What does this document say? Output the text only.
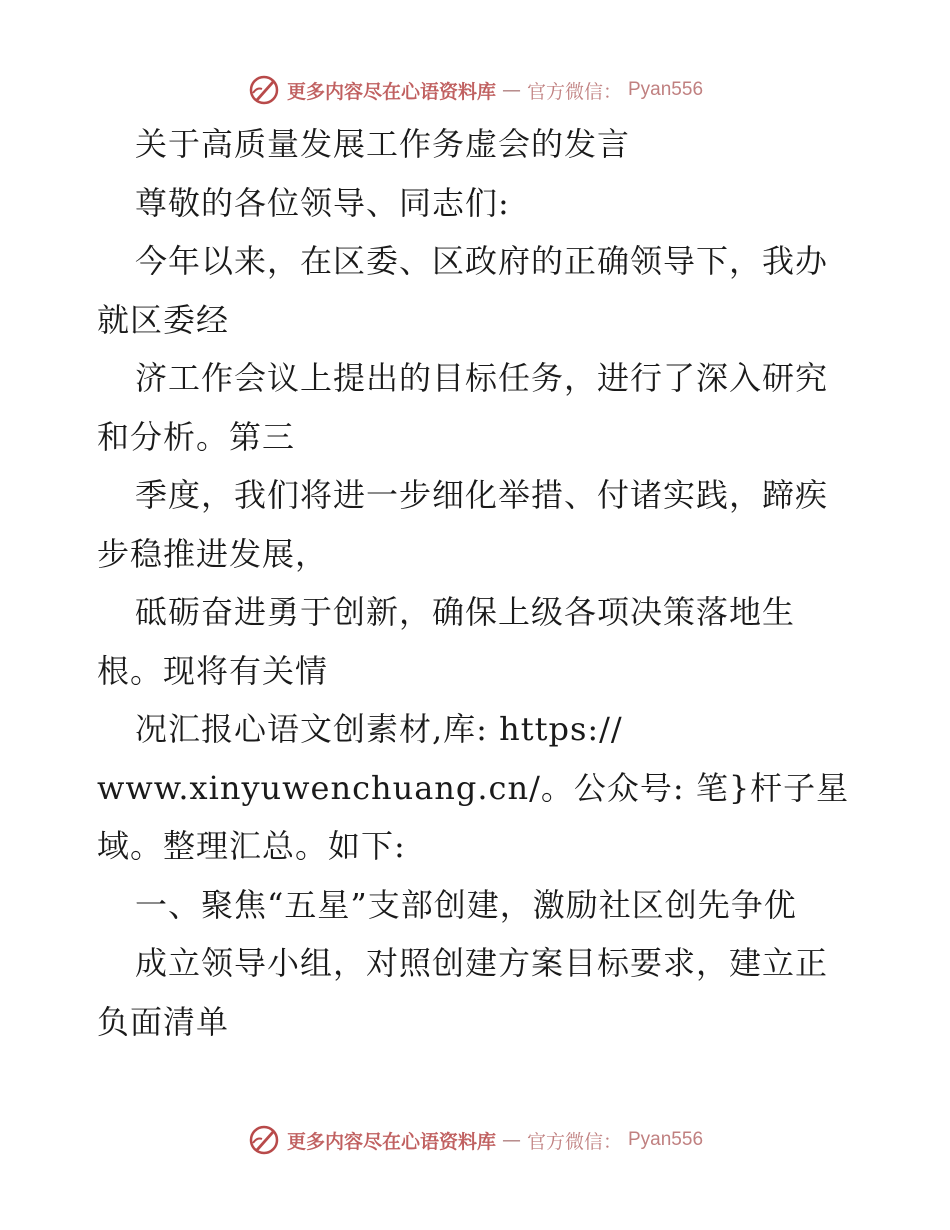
更多内容尽在心语资料库 — 官方微信： Pyan556
关于高质量发展工作务虚会的发言
尊敬的各位领导、同志们:
今年以来，在区委、区政府的正确领导下，我办
就区委经
济工作会议上提出的目标任务，进行了深入研究
和分析。第三
季度，我们将进一步细化举措、付诸实践，蹄疾
步稳推进发展，
砥砺奋进勇于创新，确保上级各项决策落地生
根。现将有关情
况汇报心语文创素材,库: https://
www.xinyuwenchuang.cn/。公众号: 笔}杆子星
域。整理汇总。如下:
一、聚焦“五星”支部创建，激励社区创先争优
成立领导小组，对照创建方案目标要求，建立正
负面清单
更多内容尽在心语资料库 — 官方微信： Pyan556
